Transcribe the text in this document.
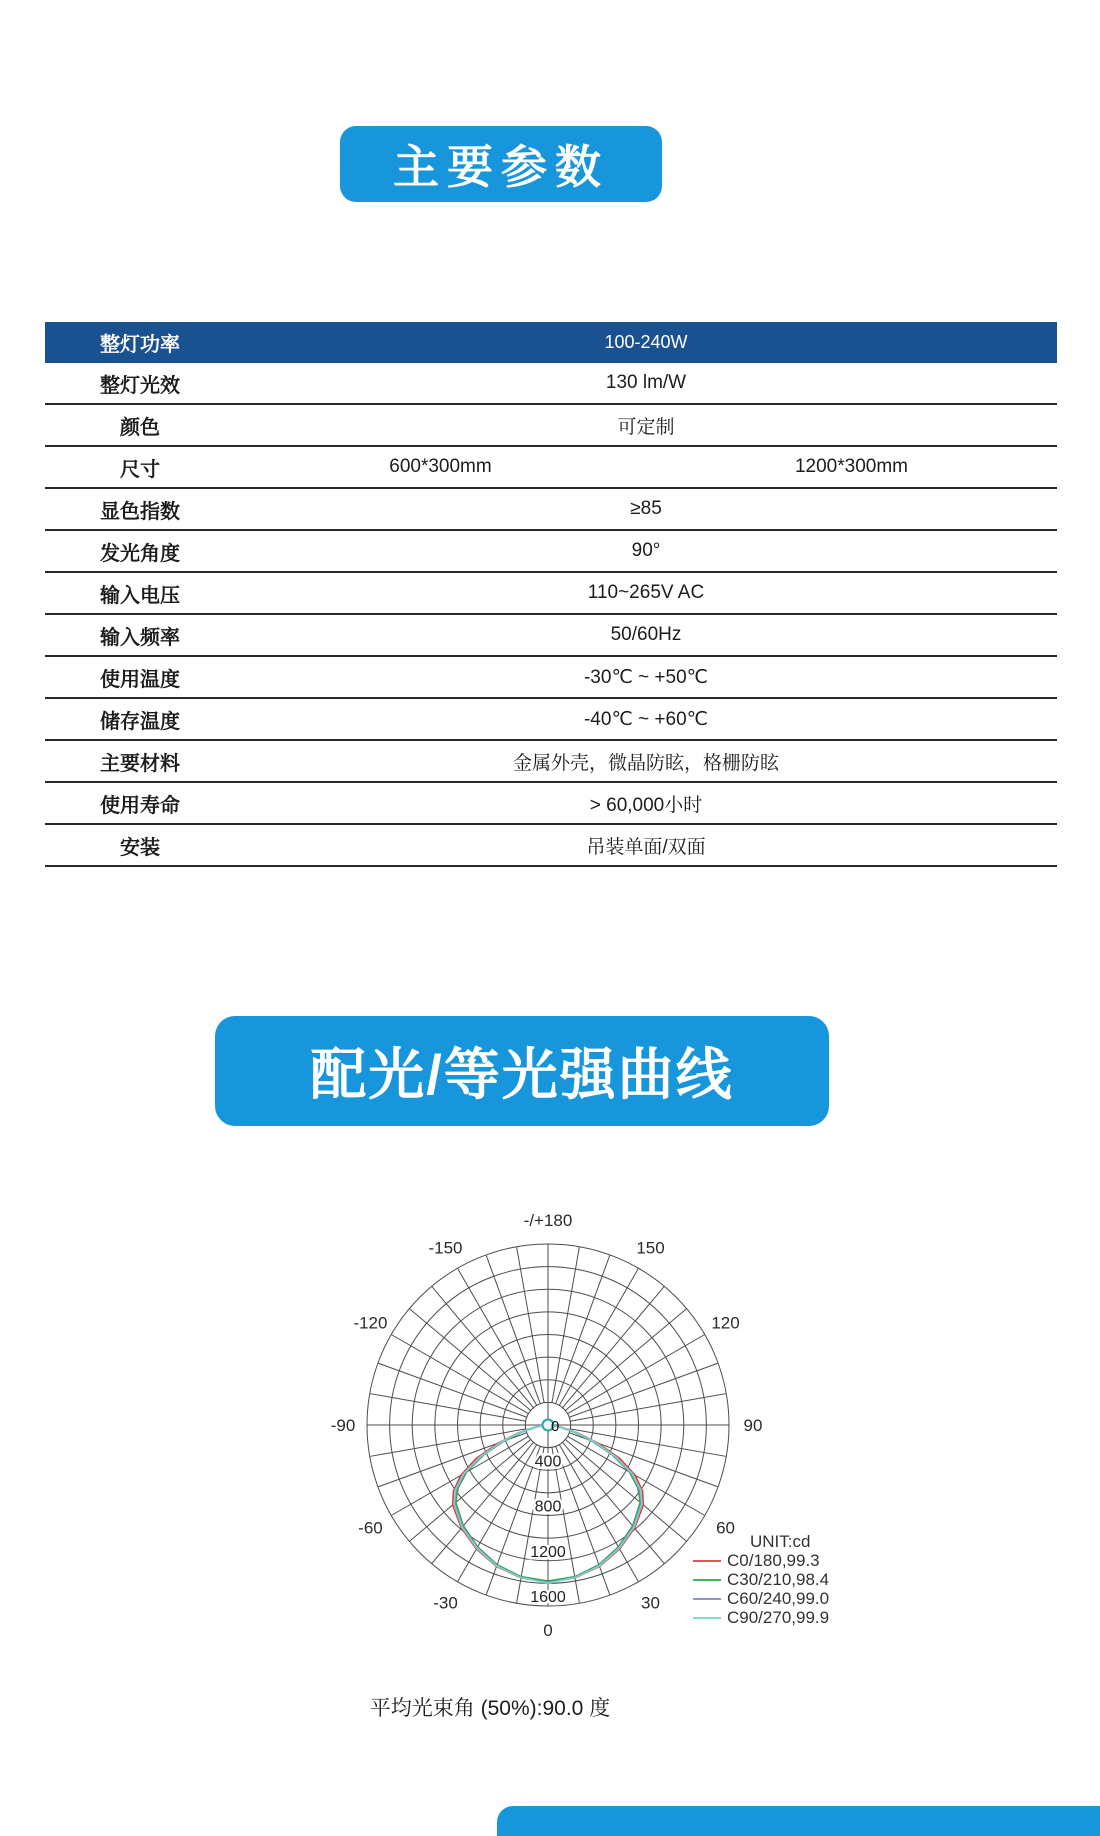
主要参数
整灯功率	100-240W
整灯光效	130 lm/W
颜色	可定制
尺寸	600*300mm	1200*300mm
显色指数	≥85
发光角度	90°
输入电压	110~265V AC
输入频率	50/60Hz
使用温度	-30℃ ~ +50℃
储存温度	-40℃ ~ +60℃
主要材料	金属外壳，微晶防眩，格栅防眩
使用寿命	> 60,000小时
安装	吊装单面/双面
配光/等光强曲线
0
400
800
1200
1600
0
30
60
90
120
150
-/+180
-150
-120
-90
-60
-30
UNIT:cd
C0/180,99.3
C30/210,98.4
C60/240,99.0
C90/270,99.9
平均光束角 (50%):90.0 度
